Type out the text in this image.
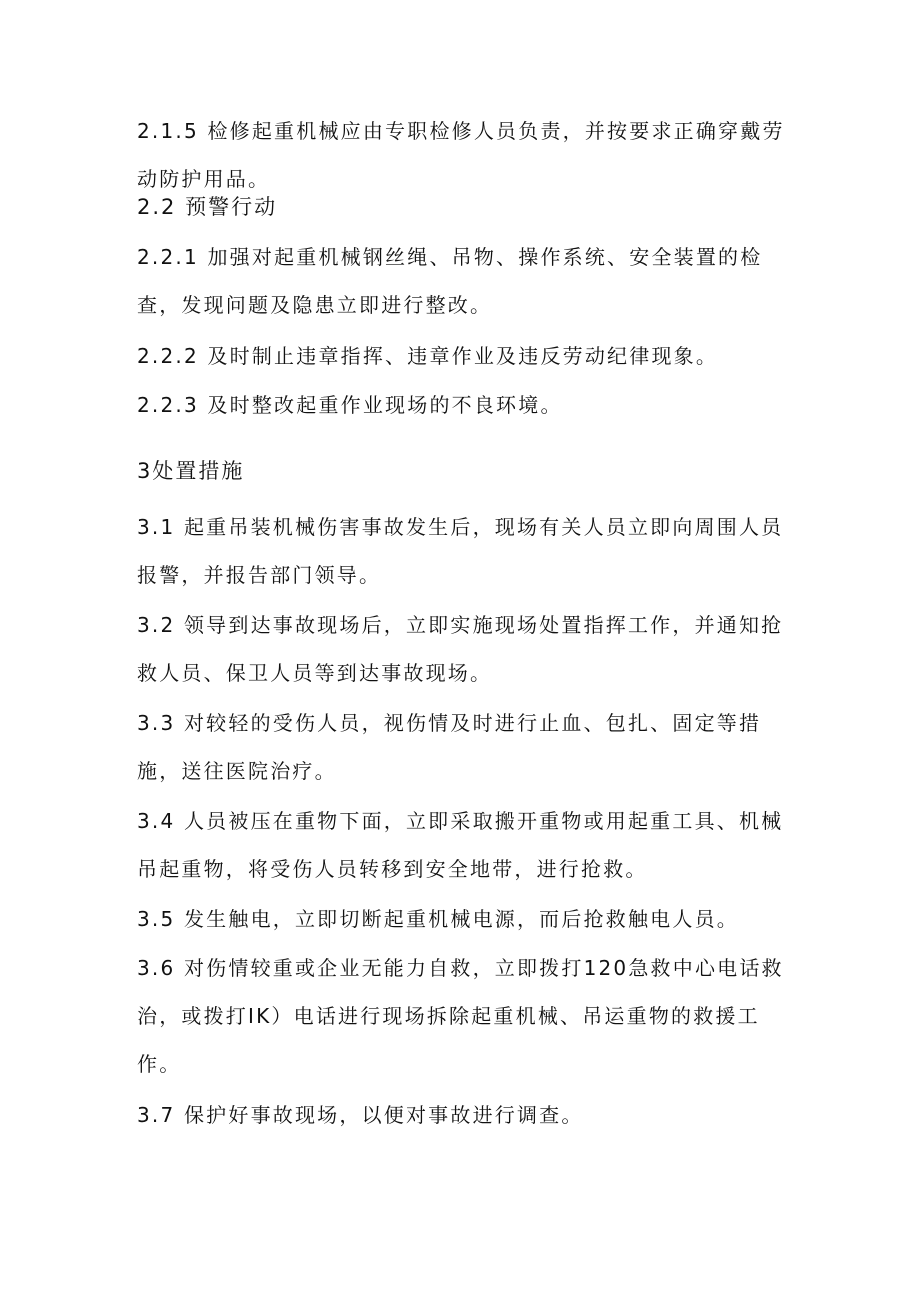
2.1.5 检修起重机械应由专职检修人员负责，并按要求正确穿戴劳动防护用品。

2.2 预警行动

2.2.1 加强对起重机械钢丝绳、吊物、操作系统、安全装置的检查，发现问题及隐患立即进行整改。

2.2.2 及时制止违章指挥、违章作业及违反劳动纪律现象。

2.2.3 及时整改起重作业现场的不良环境。

3处置措施

3.1 起重吊装机械伤害事故发生后，现场有关人员立即向周围人员报警，并报告部门领导。

3.2 领导到达事故现场后，立即实施现场处置指挥工作，并通知抢救人员、保卫人员等到达事故现场。

3.3 对较轻的受伤人员，视伤情及时进行止血、包扎、固定等措施，送往医院治疗。

3.4 人员被压在重物下面，立即采取搬开重物或用起重工具、机械吊起重物，将受伤人员转移到安全地带，进行抢救。

3.5 发生触电，立即切断起重机械电源，而后抢救触电人员。

3.6 对伤情较重或企业无能力自救，立即拨打120急救中心电话救治，或拨打IK）电话进行现场拆除起重机械、吊运重物的救援工作。

3.7 保护好事故现场，以便对事故进行调查。
